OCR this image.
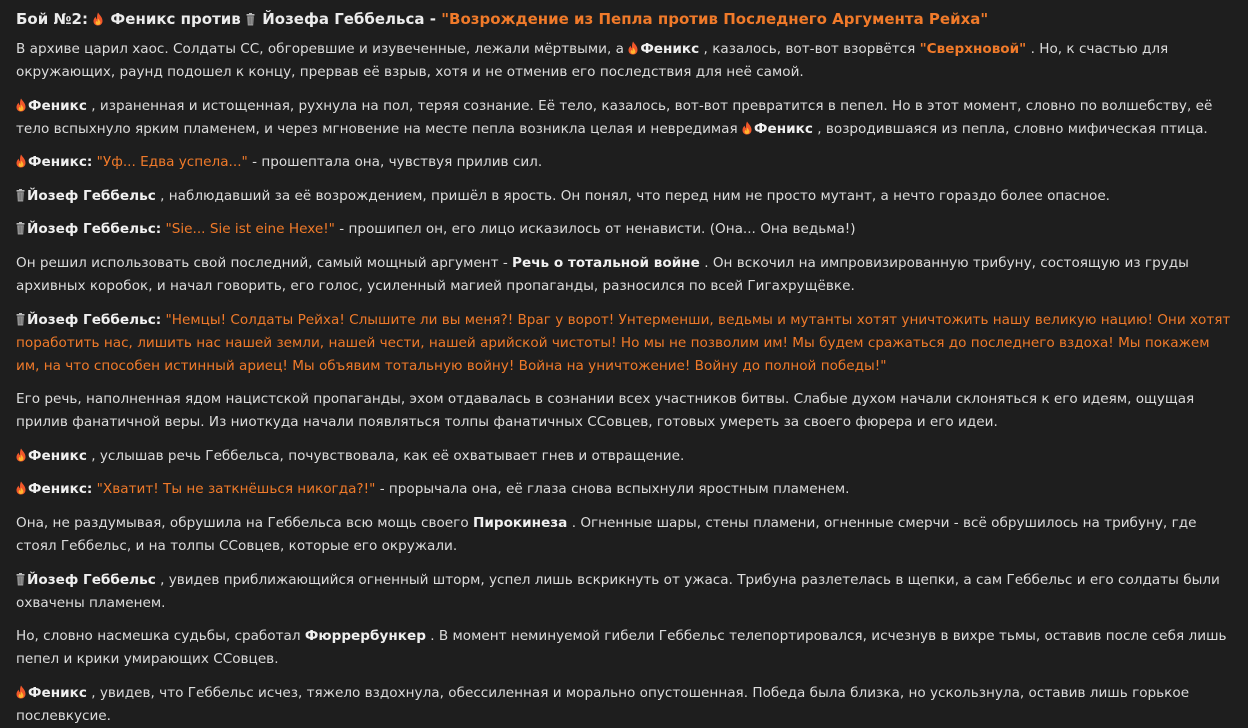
Бой №2:  Феникс против  Йозефа Геббельса - "Возрождение из Пепла против Последнего Аргумента Рейха"

В архиве царил хаос. Солдаты СС, обгоревшие и изувеченные, лежали мёртвыми, а Феникс , казалось, вот-вот взорвётся "Сверхновой" . Но, к счастью для окружающих, раунд подошел к концу, прервав её взрыв, хотя и не отменив его последствия для неё самой.

Феникс , израненная и истощенная, рухнула на пол, теряя сознание. Её тело, казалось, вот-вот превратится в пепел. Но в этот момент, словно по волшебству, её тело вспыхнуло ярким пламенем, и через мгновение на месте пепла возникла целая и невредимая Феникс , возродившаяся из пепла, словно мифическая птица.

Феникс: "Уф... Едва успела..." - прошептала она, чувствуя прилив сил.

Йозеф Геббельс , наблюдавший за её возрождением, пришёл в ярость. Он понял, что перед ним не просто мутант, а нечто гораздо более опасное.

Йозеф Геббельс: "Sie... Sie ist eine Hexe!" - прошипел он, его лицо исказилось от ненависти. (Она... Она ведьма!)

Он решил использовать свой последний, самый мощный аргумент - Речь о тотальной войне . Он вскочил на импровизированную трибуну, состоящую из груды архивных коробок, и начал говорить, его голос, усиленный магией пропаганды, разносился по всей Гигахрущёвке.

Йозеф Геббельс: "Немцы! Солдаты Рейха! Слышите ли вы меня?! Враг у ворот! Унтерменши, ведьмы и мутанты хотят уничтожить нашу великую нацию! Они хотят поработить нас, лишить нас нашей земли, нашей чести, нашей арийской чистоты! Но мы не позволим им! Мы будем сражаться до последнего вздоха! Мы покажем им, на что способен истинный ариец! Мы объявим тотальную войну! Война на уничтожение! Войну до полной победы!"

Его речь, наполненная ядом нацистской пропаганды, эхом отдавалась в сознании всех участников битвы. Слабые духом начали склоняться к его идеям, ощущая прилив фанатичной веры. Из ниоткуда начали появляться толпы фанатичных ССовцев, готовых умереть за своего фюрера и его идеи.

Феникс , услышав речь Геббельса, почувствовала, как её охватывает гнев и отвращение.

Феникс: "Хватит! Ты не заткнёшься никогда?!" - прорычала она, её глаза снова вспыхнули яростным пламенем.

Она, не раздумывая, обрушила на Геббельса всю мощь своего Пирокинеза . Огненные шары, стены пламени, огненные смерчи - всё обрушилось на трибуну, где стоял Геббельс, и на толпы ССовцев, которые его окружали.

Йозеф Геббельс , увидев приближающийся огненный шторм, успел лишь вскрикнуть от ужаса. Трибуна разлетелась в щепки, а сам Геббельс и его солдаты были охвачены пламенем.

Но, словно насмешка судьбы, сработал Фюррербункер . В момент неминуемой гибели Геббельс телепортировался, исчезнув в вихре тьмы, оставив после себя лишь пепел и крики умирающих ССовцев.

Феникс , увидев, что Геббельс исчез, тяжело вздохнула, обессиленная и морально опустошенная. Победа была близка, но ускользнула, оставив лишь горькое послевкусие.
